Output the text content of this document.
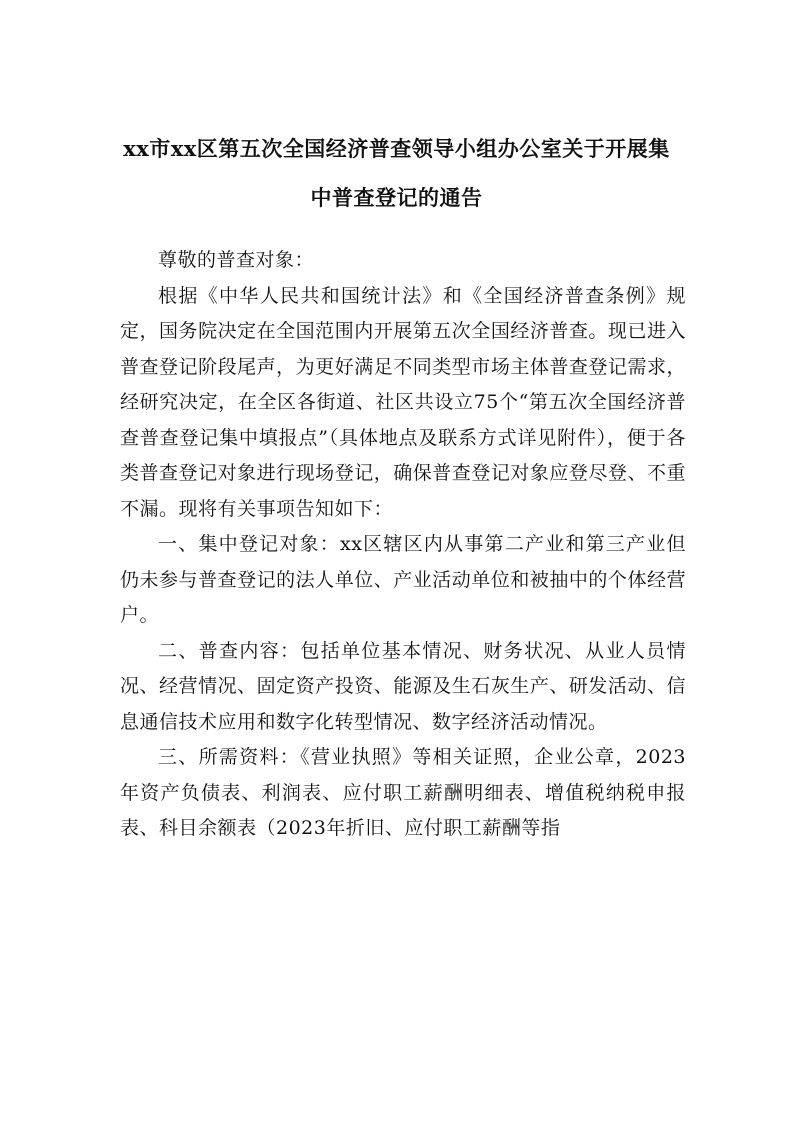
xx市xx区第五次全国经济普查领导小组办公室关于开展集
中普查登记的通告

尊敬的普查对象：

根据《中华人民共和国统计法》和《全国经济普查条例》规定，国务院决定在全国范围内开展第五次全国经济普查。现已进入普查登记阶段尾声，为更好满足不同类型市场主体普查登记需求，经研究决定，在全区各街道、社区共设立75个“第五次全国经济普查普查登记集中填报点”（具体地点及联系方式详见附件），便于各类普查登记对象进行现场登记，确保普查登记对象应登尽登、不重不漏。现将有关事项告知如下：

一、集中登记对象：xx区辖区内从事第二产业和第三产业但仍未参与普查登记的法人单位、产业活动单位和被抽中的个体经营户。

二、普查内容：包括单位基本情况、财务状况、从业人员情况、经营情况、固定资产投资、能源及生石灰生产、研发活动、信息通信技术应用和数字化转型情况、数字经济活动情况。

三、所需资料：《营业执照》等相关证照，企业公章，2023年资产负债表、利润表、应付职工薪酬明细表、增值税纳税申报表、科目余额表（2023年折旧、应付职工薪酬等指
